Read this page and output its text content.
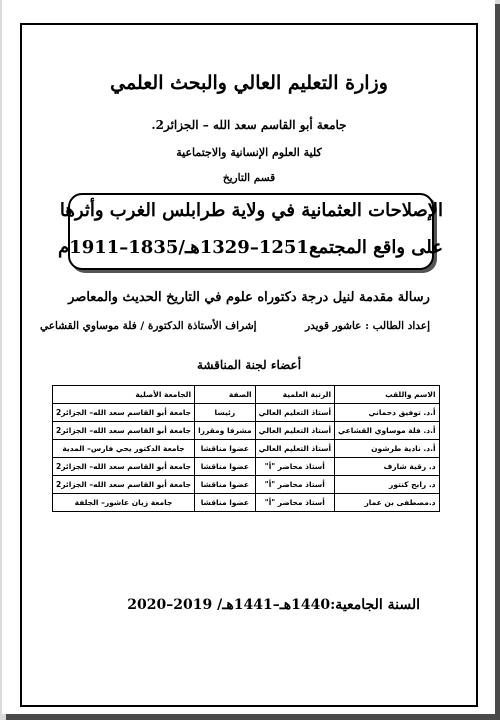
وزارة التعليم العالي والبحث العلمي
جامعة أبو القاسم سعد الله – الجزائر2.
كلية العلوم الإنسانية والاجتماعية
قسم التاريخ
الإصلاحات العثمانية في ولاية طرابلس الغرب وأثرها
على واقع المجتمع1251–1329هـ/1835–1911م
رسالة مقدمة لنيل درجة دكتوراه علوم في التاريخ الحديث والمعاصر
إعداد الطالب : عاشور قويدر
إشراف الأستاذة الدكتورة / فلة موساوي القشاعي
أعضاء لجنة المناقشة
الاسم واللقب	الرتبة العلمية	الصفة	الجامعة الأصلية
أ.د. توفيق دحماني	أستاذ التعليم العالي	رئيسا	جامعة أبو القاسم سعد الله– الجزائر2
أ.د. فلة موساوي القشاعي	أستاذ التعليم العالي	مشرفا ومقررا	جامعة أبو القاسم سعد الله– الجزائر2
أ.د. نادية طرشون	أستاذ التعليم العالي	عضوا مناقشا	جامعة الدكتور يحي فارس– المدية
د. رقية شارف	أستاذ محاضر "أ"	عضوا مناقشا	جامعة أبو القاسم سعد الله– الجزائر2
د. رابح كنتور	أستاذ محاضر "أ"	عضوا مناقشا	جامعة أبو القاسم سعد الله– الجزائر2
د.مصطفى بن عمار	أستاذ محاضر "أ"	عضوا مناقشا	جامعة زيان عاشور– الجلفة
السنة الجامعية:1440هـ–1441هـ/ 2019–2020
